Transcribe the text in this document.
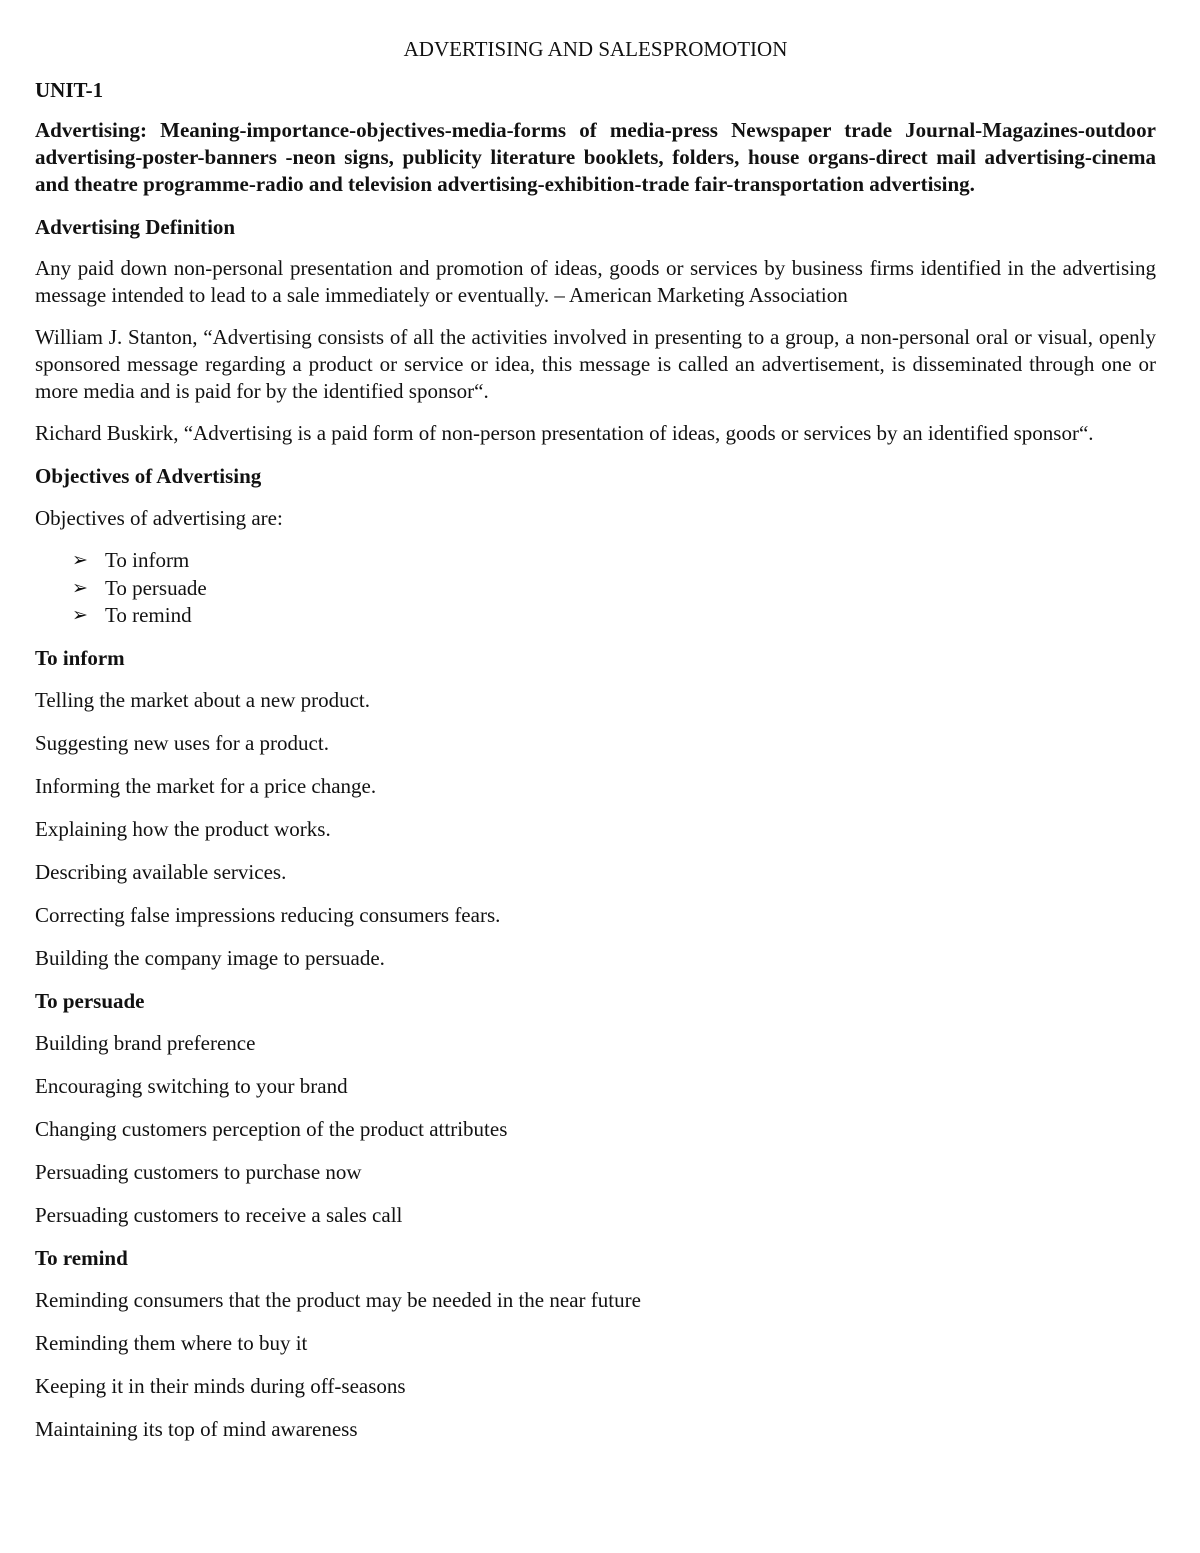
ADVERTISING AND SALESPROMOTION
UNIT-1
Advertising: Meaning-importance-objectives-media-forms of media-press Newspaper trade Journal-Magazines-outdoor advertising-poster-banners -neon signs, publicity literature booklets, folders, house organs-direct mail advertising-cinema and theatre programme-radio and television advertising-exhibition-trade fair-transportation advertising.
Advertising Definition

Any paid down non-personal presentation and promotion of ideas, goods or services by business firms identified in the advertising message intended to lead to a sale immediately or eventually. – American Marketing Association

William J. Stanton, “Advertising consists of all the activities involved in presenting to a group, a non-personal oral or visual, openly sponsored message regarding a product or service or idea, this message is called an advertisement, is disseminated through one or more media and is paid for by the identified sponsor“.

Richard Buskirk, “Advertising is a paid form of non-person presentation of ideas, goods or services by an identified sponsor“.

Objectives of Advertising

Objectives of advertising are:

➢ To inform
➢ To persuade
➢ To remind
To inform

Telling the market about a new product.

Suggesting new uses for a product.

Informing the market for a price change.

Explaining how the product works.

Describing available services.

Correcting false impressions reducing consumers fears.

Building the company image to persuade.

To persuade

Building brand preference

Encouraging switching to your brand

Changing customers perception of the product attributes

Persuading customers to purchase now

Persuading customers to receive a sales call

To remind

Reminding consumers that the product may be needed in the near future

Reminding them where to buy it

Keeping it in their minds during off-seasons

Maintaining its top of mind awareness
